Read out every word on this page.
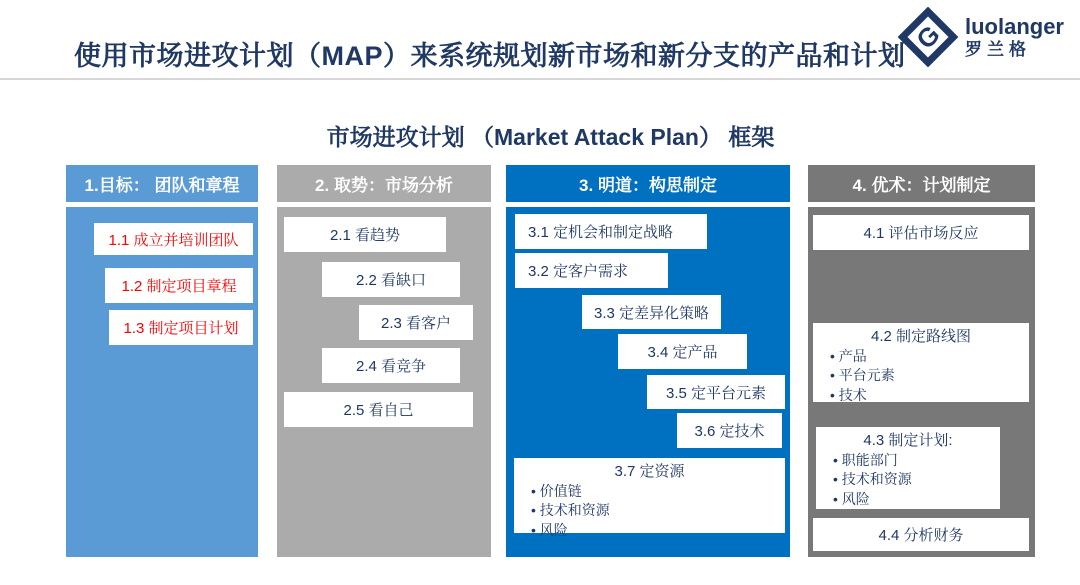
使用市场进攻计划（MAP）来系统规划新市场和新分支的产品和计划
G luolanger
罗兰格
市场进攻计划 （Market Attack Plan） 框架
1.目标： 团队和章程
1.1 成立并培训团队
1.2 制定项目章程
1.3 制定项目计划
2. 取势：市场分析
2.1 看趋势
2.2 看缺口
2.3 看客户
2.4 看竞争
2.5 看自己
3. 明道：构思制定
3.1 定机会和制定战略
3.2 定客户需求
3.3 定差异化策略
3.4 定产品
3.5 定平台元素
3.6 定技术
3.7 定资源
• 价值链
• 技术和资源
• 风险
4. 优术：计划制定
4.1 评估市场反应
4.2 制定路线图
• 产品
• 平台元素
• 技术
4.3 制定计划:
• 职能部门
• 技术和资源
• 风险
4.4 分析财务
